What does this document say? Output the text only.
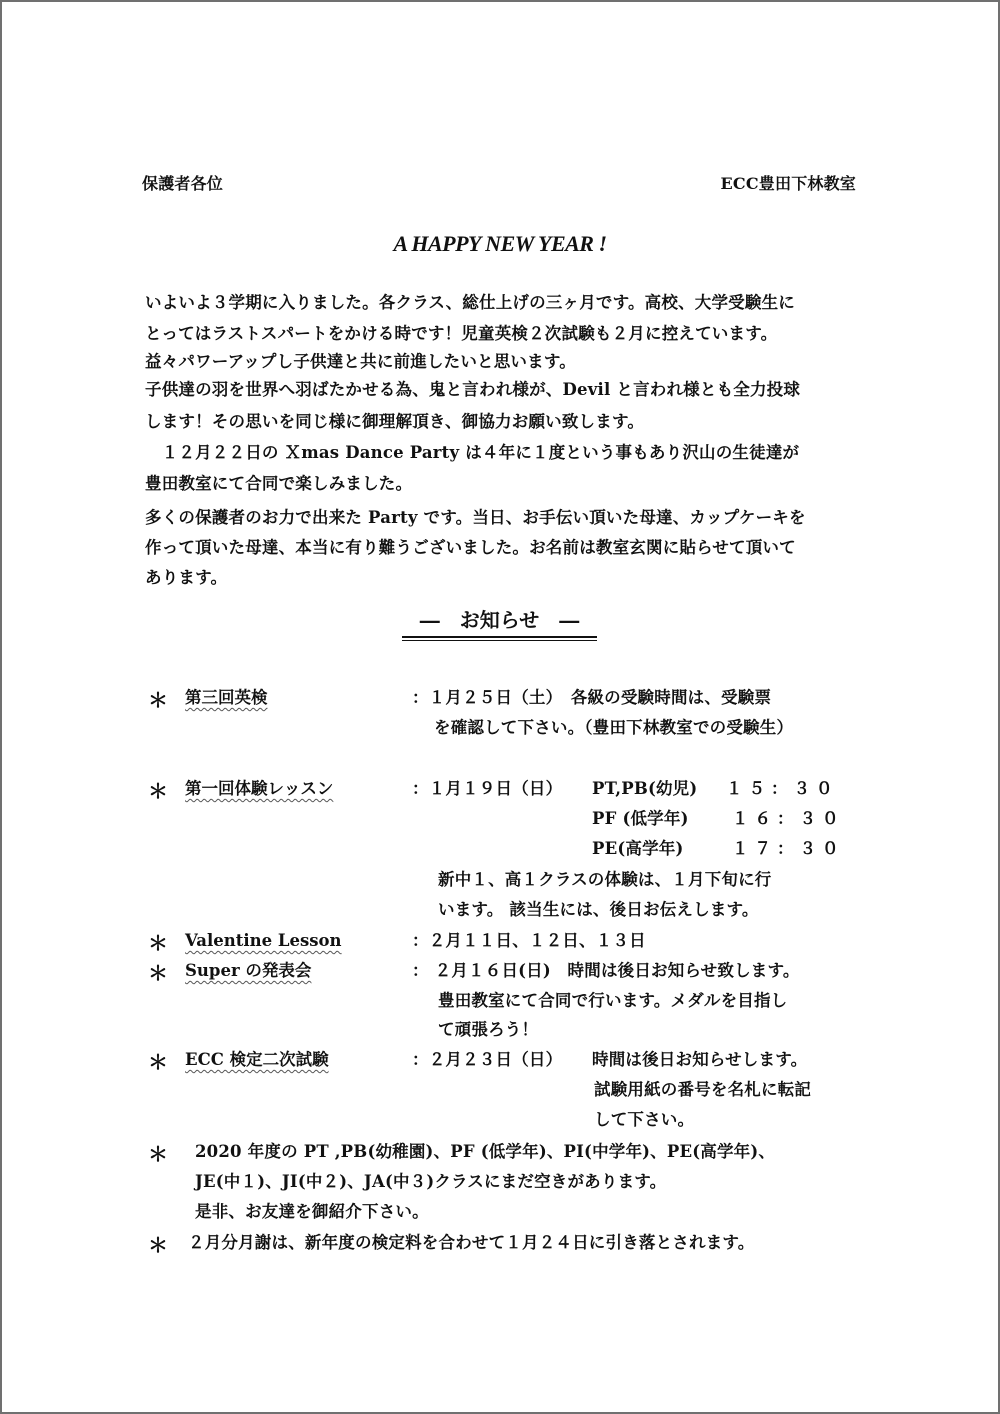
保護者各位	ECC豊田下林教室
A HAPPY NEW YEAR !
いよいよ３学期に入りました。各クラス、総仕上げの三ヶ月です。高校、大学受験生に
とってはラストスパートをかける時です！児童英検２次試験も２月に控えています。
益々パワーアップし子供達と共に前進したいと思います。
子供達の羽を世界へ羽ばたかせる為、鬼と言われ様が、Devil と言われ様とも全力投球
します！その思いを同じ様に御理解頂き、御協力お願い致します。
　１２月２２日の Ｘmas Dance Party は４年に１度という事もあり沢山の生徒達が
豊田教室にて合同で楽しみました。
多くの保護者のお力で出来た Party です。当日、お手伝い頂いた母達、カップケーキを
作って頂いた母達、本当に有り難うございました。お名前は教室玄関に貼らせて頂いて
あります。
―　お知らせ　―
＊ 第三回英検	：１月２５日（土）　各級の受験時間は、受験票
を確認して下さい。（豊田下林教室での受験生）
＊ 第一回体験レッスン	：１月１９日（日） PT,PB(幼児) １５：３０
PF (低学年)	１６：３０
PE(高学年)	１７：３０
新中１、高１クラスの体験は、１月下旬に行
います。 該当生には、後日お伝えします。
＊ Valentine Lesson	：２月１１日、１２日、１３日
＊ Super の発表会	： ２月１６日(日)　時間は後日お知らせ致します。
豊田教室にて合同で行います。メダルを目指し
て頑張ろう！
＊ ECC 検定二次試験	：２月２３日（日） 時間は後日お知らせします。
試験用紙の番号を名札に転記
して下さい。
＊ 2020 年度の PT ,PB(幼稚園)、PF (低学年)、PI(中学年)、PE(高学年)、
JE(中１)、JI(中２)、JA(中３)クラスにまだ空きがあります。
是非、お友達を御紹介下さい。
＊ ２月分月謝は、新年度の検定料を合わせて１月２４日に引き落とされます。
